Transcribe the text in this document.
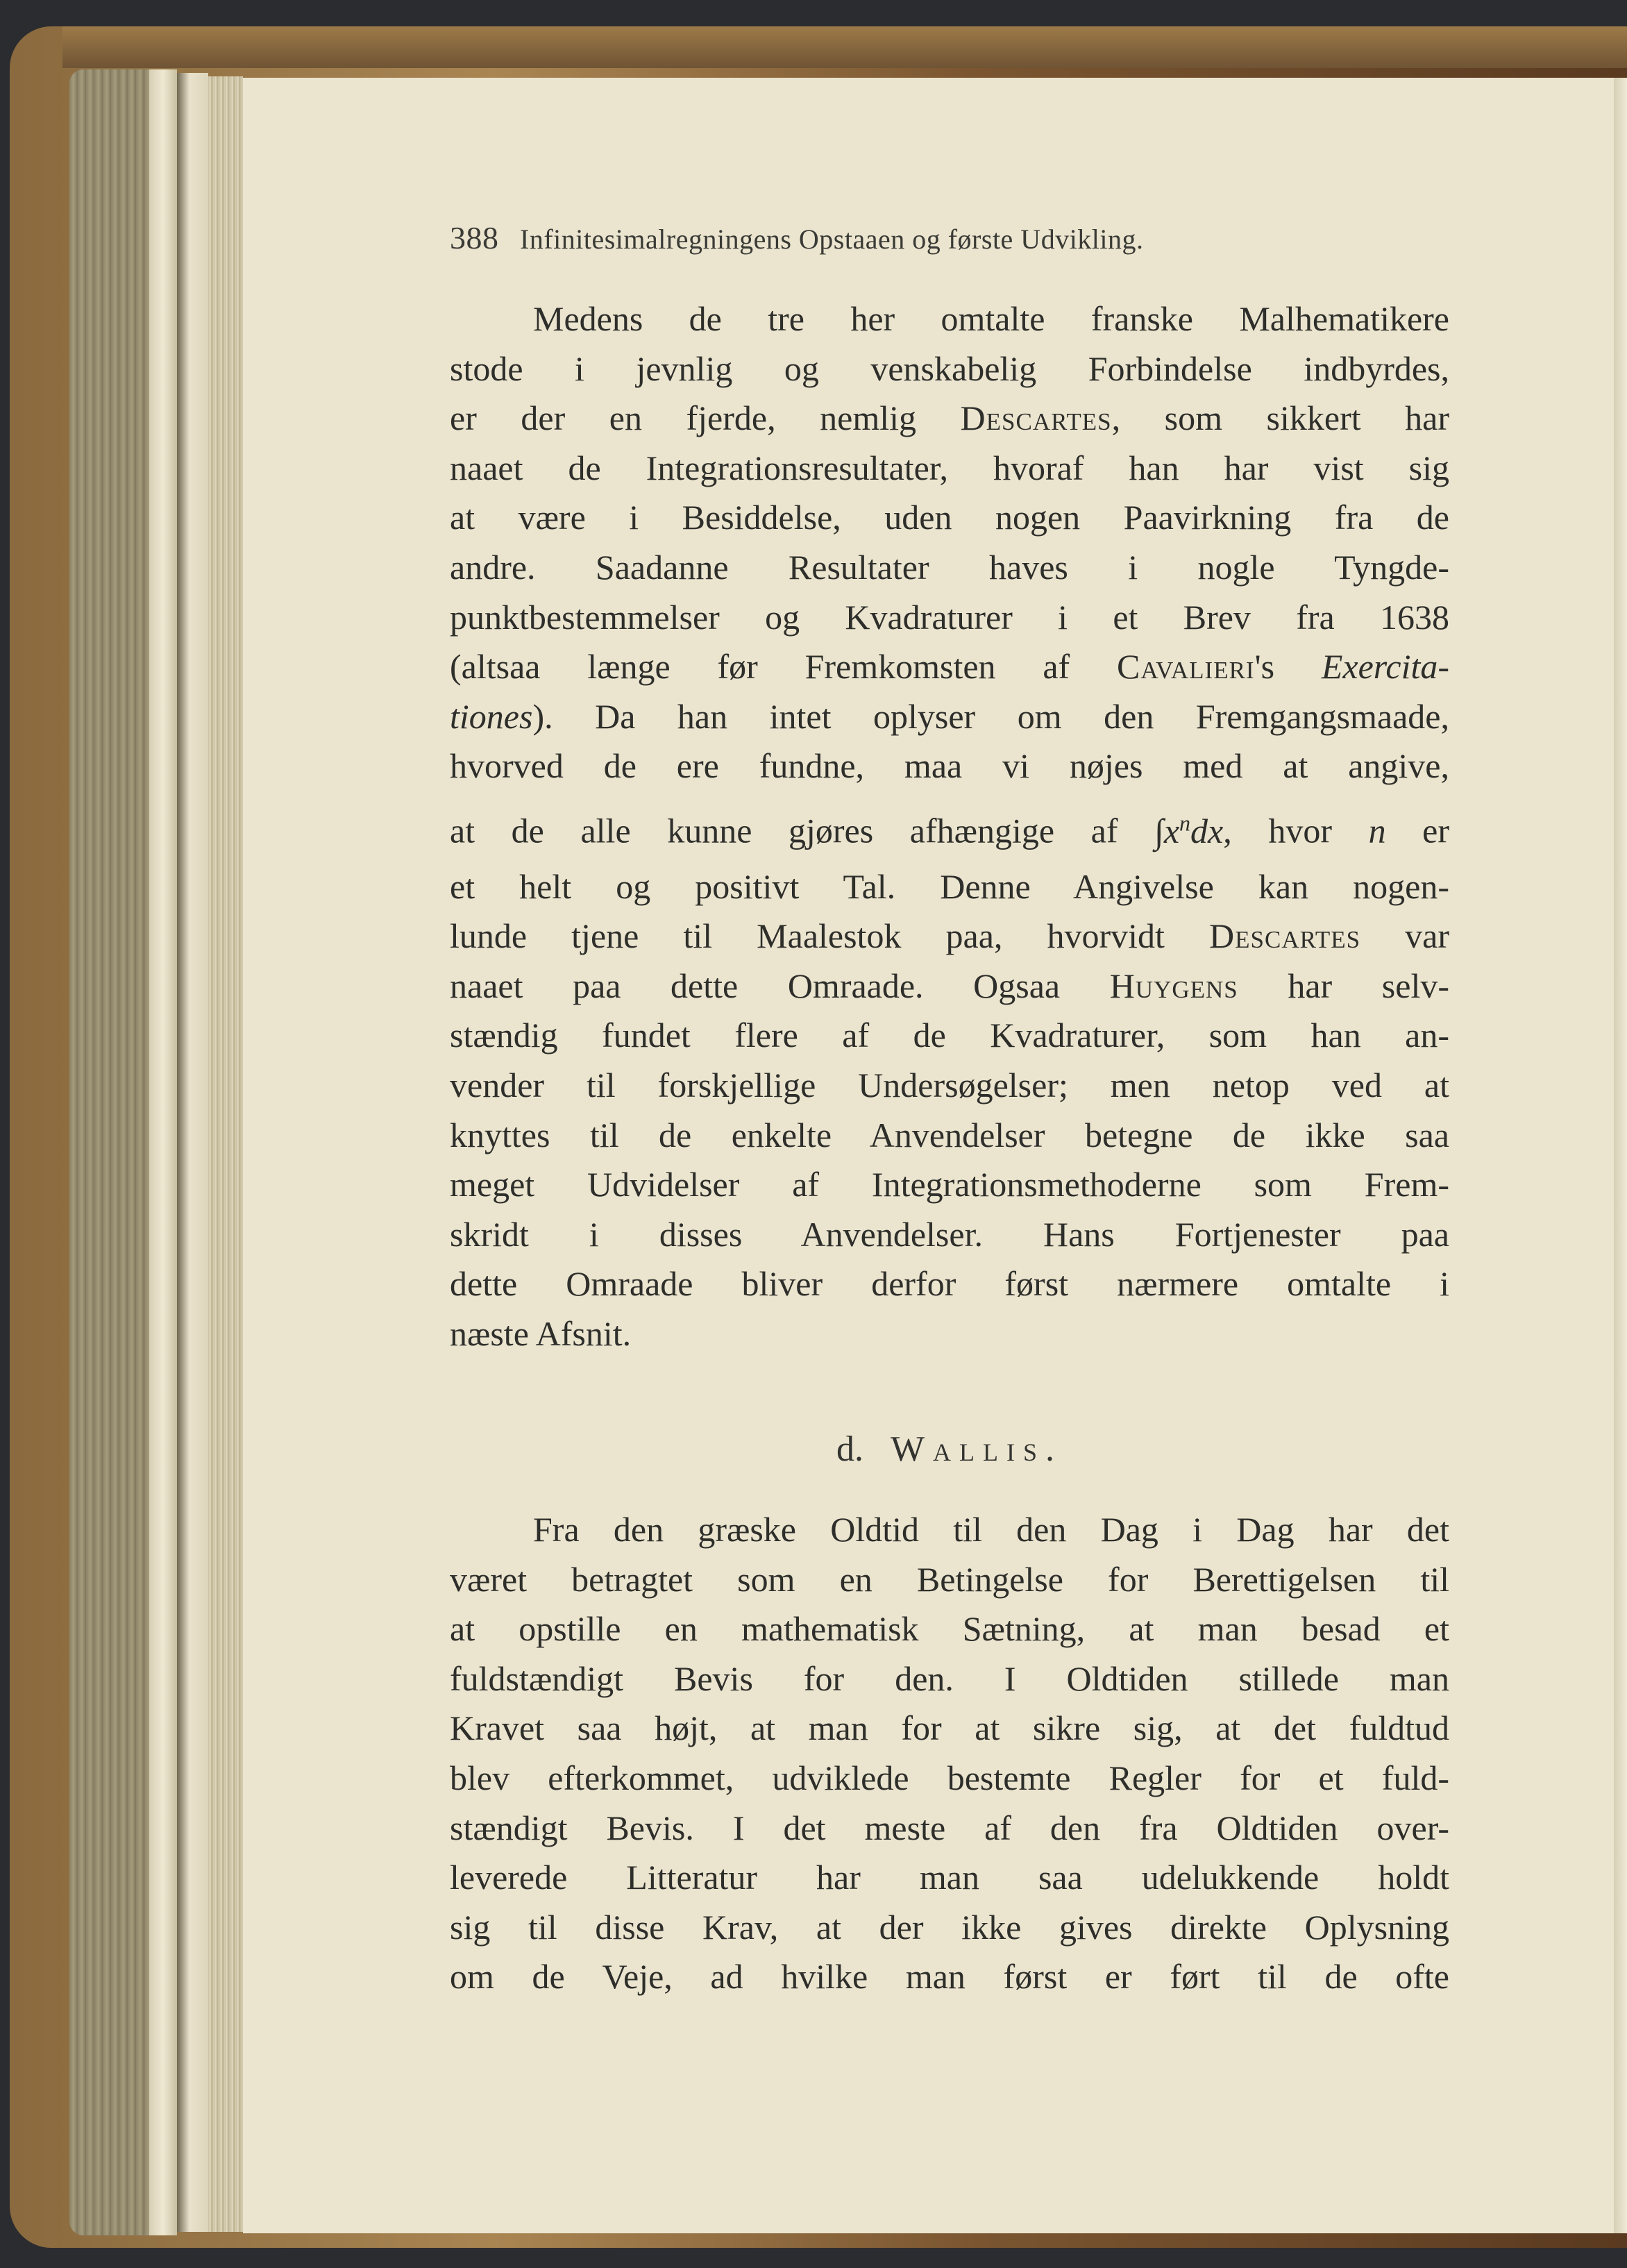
388 Infinitesimalregningens Opstaaen og første Udvikling.
Medens de tre her omtalte franske Malhematikere
stode i jevnlig og venskabelig Forbindelse indbyrdes,
er der en fjerde, nemlig Descartes, som sikkert har
naaet de Integrationsresultater, hvoraf han har vist sig
at være i Besiddelse, uden nogen Paavirkning fra de
andre. Saadanne Resultater haves i nogle Tyngde-
punktbestemmelser og Kvadraturer i et Brev fra 1638
(altsaa længe før Fremkomsten af Cavalieri's Exercita-
tiones). Da han intet oplyser om den Fremgangsmaade,
hvorved de ere fundne, maa vi nøjes med at angive,
at de alle kunne gjøres afhængige af $\int x^ndx$, hvor n er
et helt og positivt Tal. Denne Angivelse kan nogen-
lunde tjene til Maalestok paa, hvorvidt Descartes var
naaet paa dette Omraade. Ogsaa Huygens har selv-
stændig fundet flere af de Kvadraturer, som han an-
vender til forskjellige Undersøgelser; men netop ved at
knyttes til de enkelte Anvendelser betegne de ikke saa
meget Udvidelser af Integrationsmethoderne som Frem-
skridt i disses Anvendelser. Hans Fortjenester paa
dette Omraade bliver derfor først nærmere omtalte i
næste Afsnit.
d. Wallis.
Fra den græske Oldtid til den Dag i Dag har det
været betragtet som en Betingelse for Berettigelsen til
at opstille en mathematisk Sætning, at man besad et
fuldstændigt Bevis for den. I Oldtiden stillede man
Kravet saa højt, at man for at sikre sig, at det fuldtud
blev efterkommet, udviklede bestemte Regler for et fuld-
stændigt Bevis. I det meste af den fra Oldtiden over-
leverede Litteratur har man saa udelukkende holdt
sig til disse Krav, at der ikke gives direkte Oplysning
om de Veje, ad hvilke man først er ført til de ofte
